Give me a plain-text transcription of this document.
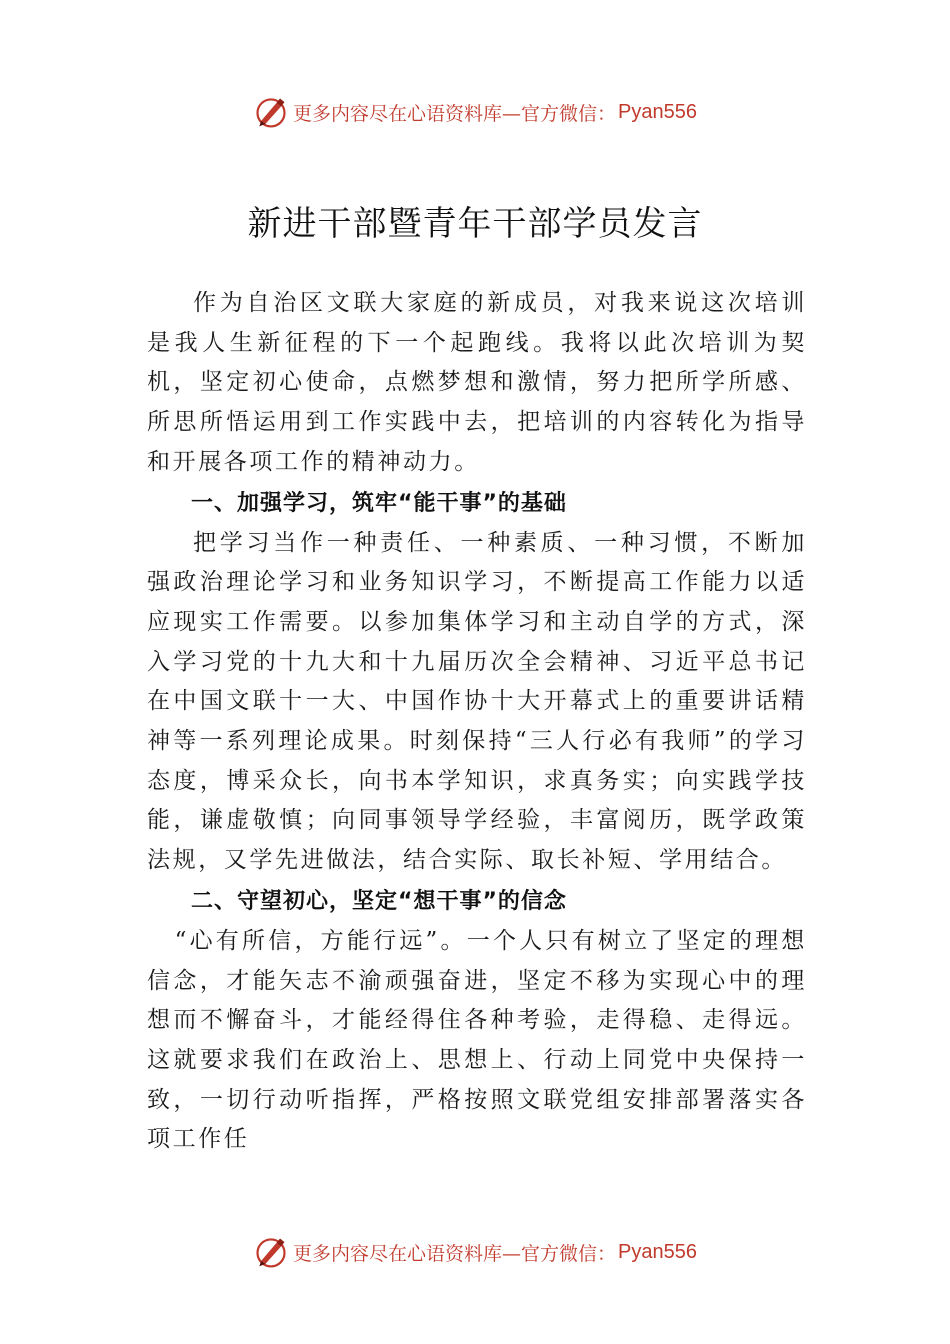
更多内容尽在心语资料库—官方微信： Pyan556
新进干部暨青年干部学员发言

作为自治区文联大家庭的新成员，对我来说这次培训是我人生新征程的下一个起跑线。我将以此次培训为契机，坚定初心使命，点燃梦想和激情，努力把所学所感、所思所悟运用到工作实践中去，把培训的内容转化为指导和开展各项工作的精神动力。

一、加强学习，筑牢“能干事”的基础

把学习当作一种责任、一种素质、一种习惯，不断加强政治理论学习和业务知识学习，不断提高工作能力以适应现实工作需要。以参加集体学习和主动自学的方式，深入学习党的十九大和十九届历次全会精神、习近平总书记在中国文联十一大、中国作协十大开幕式上的重要讲话精神等一系列理论成果。时刻保持“三人行必有我师”的学习态度，博采众长，向书本学知识，求真务实；向实践学技能，谦虚敬慎；向同事领导学经验，丰富阅历，既学政策法规，又学先进做法，结合实际、取长补短、学用结合。

二、守望初心，坚定“想干事”的信念

“心有所信，方能行远”。一个人只有树立了坚定的理想信念，才能矢志不渝顽强奋进，坚定不移为实现心中的理想而不懈奋斗，才能经得住各种考验，走得稳、走得远。这就要求我们在政治上、思想上、行动上同党中央保持一致，一切行动听指挥，严格按照文联党组安排部署落实各项工作任

更多内容尽在心语资料库—官方微信： Pyan556
